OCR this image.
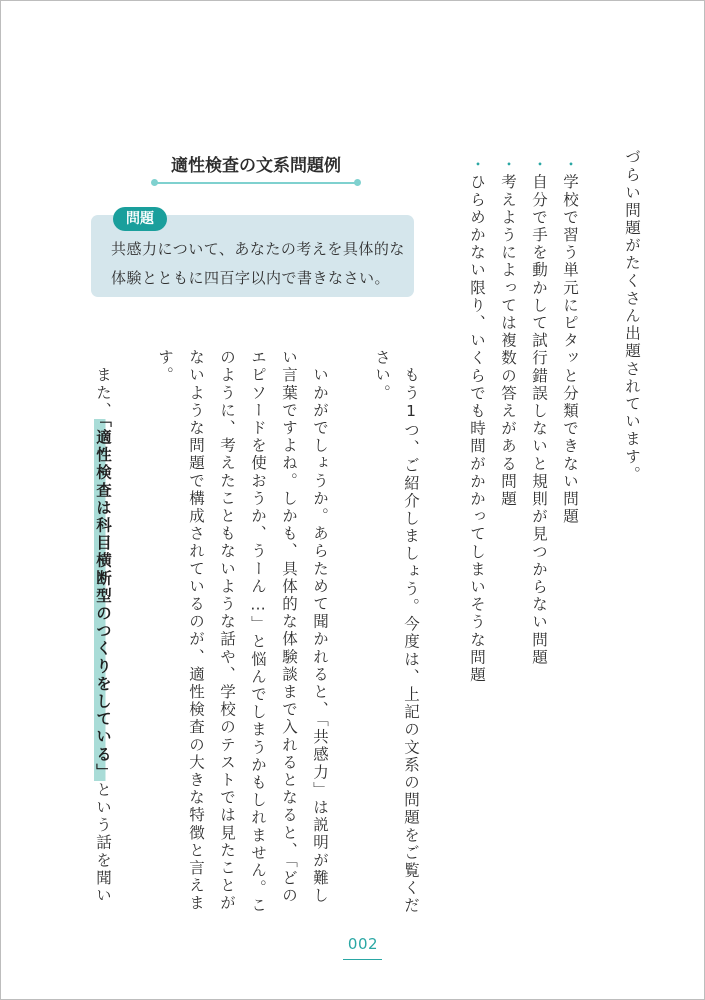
づらい問題がたくさん出題されています。

・学校で習う単元にピタッと分類できない問題

・自分で手を動かして試行錯誤しないと規則が見つからない問題

・考えようによっては複数の答えがある問題

・ひらめかない限り、いくらでも時間がかかってしまいそうな問題

　もう1つ、ご紹介しましょう。今度は、上記の文系の問題をご覧くだ

さい。

適性検査の文系問題例
問題
共感力について、あなたの考えを具体的な体験とともに四百字以内で書きなさい。

　いかがでしょうか。あらためて聞かれると、「共感力」は説明が難し

い言葉ですよね。しかも、具体的な体験談まで入れるとなると、「どの

エピソードを使おうか、うーん…」と悩んでしまうかもしれません。こ

のように、考えたこともないような話や、学校のテストでは見たことが

ないような問題で構成されているのが、適性検査の大きな特徴と言えま

す。

　また、「適性検査は科目横断型のつくりをしている」という話を聞い

002
